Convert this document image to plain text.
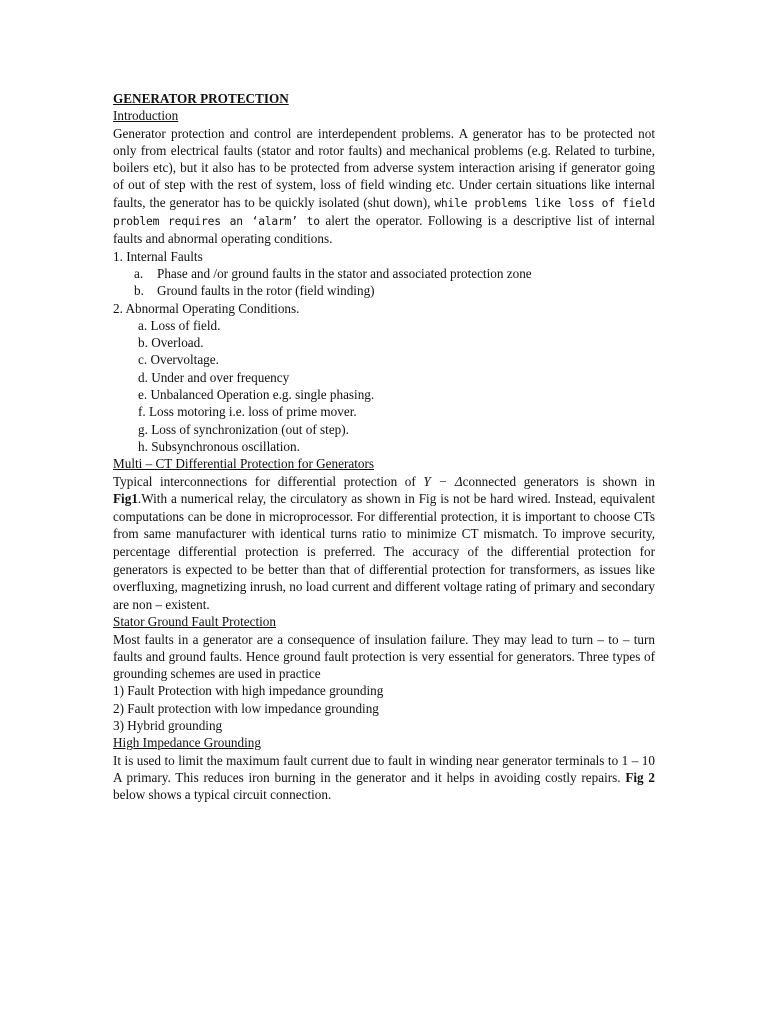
GENERATOR PROTECTION

Introduction

Generator protection and control are interdependent problems. A generator has to be protected not only from electrical faults (stator and rotor faults) and mechanical problems (e.g. Related to turbine, boilers etc), but it also has to be protected from adverse system interaction arising if generator going of out of step with the rest of system, loss of field winding etc. Under certain situations like internal faults, the generator has to be quickly isolated (shut down), while problems like loss of field problem requires an ‘alarm’ to alert the operator. Following is a descriptive list of internal faults and abnormal operating conditions.

1. Internal Faults

a. Phase and /or ground faults in the stator and associated protection zone

b. Ground faults in the rotor (field winding)

2. Abnormal Operating Conditions.

a. Loss of field.

b. Overload.

c. Overvoltage.

d. Under and over frequency

e. Unbalanced Operation e.g. single phasing.

f. Loss motoring i.e. loss of prime mover.

g. Loss of synchronization (out of step).

h. Subsynchronous oscillation.

Multi – CT Differential Protection for Generators

Typical interconnections for differential protection of Y − Δconnected generators is shown in Fig1.With a numerical relay, the circulatory as shown in Fig is not be hard wired. Instead, equivalent computations can be done in microprocessor. For differential protection, it is important to choose CTs from same manufacturer with identical turns ratio to minimize CT mismatch. To improve security, percentage differential protection is preferred. The accuracy of the differential protection for generators is expected to be better than that of differential protection for transformers, as issues like overfluxing, magnetizing inrush, no load current and different voltage rating of primary and secondary are non – existent.

Stator Ground Fault Protection

Most faults in a generator are a consequence of insulation failure. They may lead to turn – to – turn faults and ground faults. Hence ground fault protection is very essential for generators. Three types of grounding schemes are used in practice

1) Fault Protection with high impedance grounding

2) Fault protection with low impedance grounding

3) Hybrid grounding

High Impedance Grounding

It is used to limit the maximum fault current due to fault in winding near generator terminals to 1 – 10 A primary. This reduces iron burning in the generator and it helps in avoiding costly repairs. Fig 2 below shows a typical circuit connection.
